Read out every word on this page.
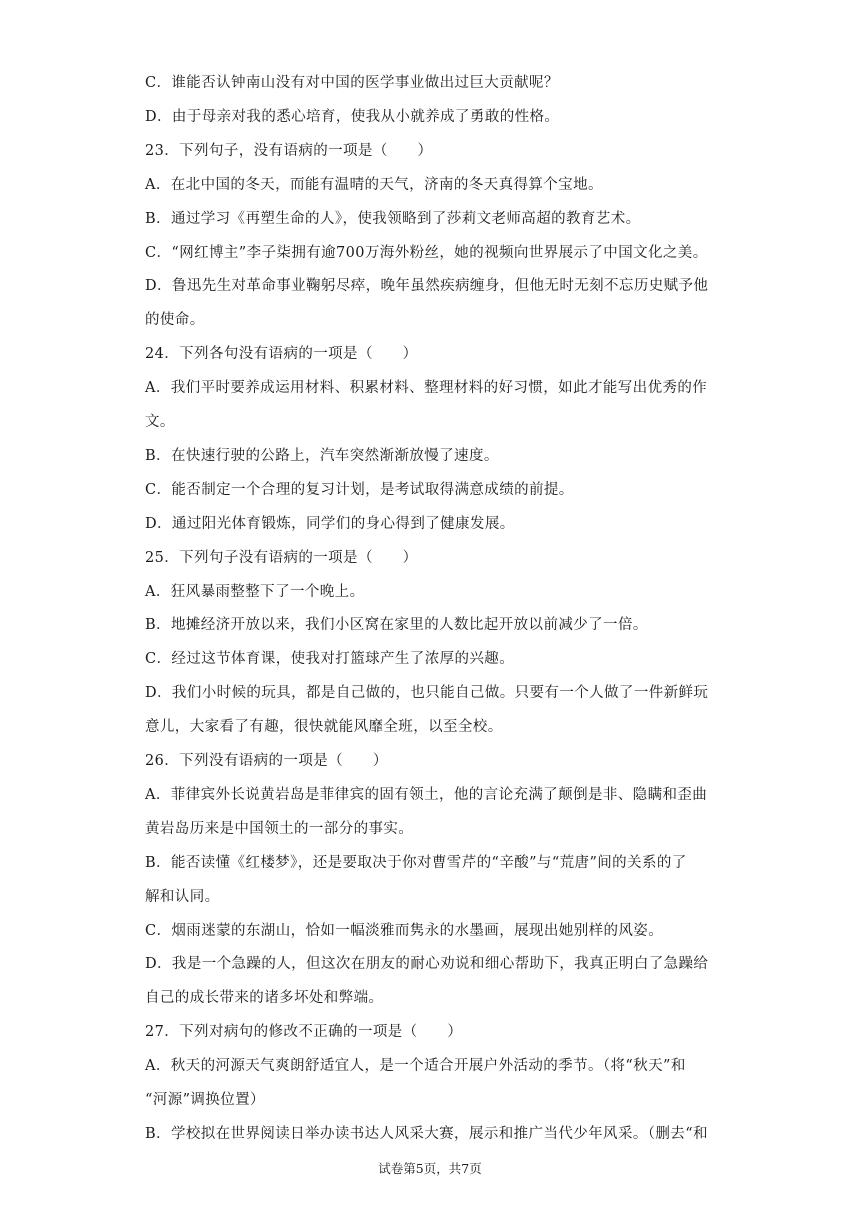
C．谁能否认钟南山没有对中国的医学事业做出过巨大贡献呢？
D．由于母亲对我的悉心培育，使我从小就养成了勇敢的性格。
23．下列句子，没有语病的一项是（　　）
A．在北中国的冬天，而能有温晴的天气，济南的冬天真得算个宝地。
B．通过学习《再塑生命的人》，使我领略到了莎莉文老师高超的教育艺术。
C．“网红博主”李子柒拥有逾700万海外粉丝，她的视频向世界展示了中国文化之美。
D．鲁迅先生对革命事业鞠躬尽瘁，晚年虽然疾病缠身，但他无时无刻不忘历史赋予他
的使命。
24．下列各句没有语病的一项是（　　）
A．我们平时要养成运用材料、积累材料、整理材料的好习惯，如此才能写出优秀的作
文。
B．在快速行驶的公路上，汽车突然渐渐放慢了速度。
C．能否制定一个合理的复习计划，是考试取得满意成绩的前提。
D．通过阳光体育锻炼，同学们的身心得到了健康发展。
25．下列句子没有语病的一项是（　　）
A．狂风暴雨整整下了一个晚上。
B．地摊经济开放以来，我们小区窝在家里的人数比起开放以前减少了一倍。
C．经过这节体育课，使我对打篮球产生了浓厚的兴趣。
D．我们小时候的玩具，都是自己做的，也只能自己做。只要有一个人做了一件新鲜玩
意儿，大家看了有趣，很快就能风靡全班，以至全校。
26．下列没有语病的一项是（　　）
A．菲律宾外长说黄岩岛是菲律宾的固有领土，他的言论充满了颠倒是非、隐瞒和歪曲
黄岩岛历来是中国领土的一部分的事实。
B．能否读懂《红楼梦》，还是要取决于你对曹雪芹的“辛酸”与“荒唐”间的关系的了
解和认同。
C．烟雨迷蒙的东湖山，恰如一幅淡雅而隽永的水墨画，展现出她别样的风姿。
D．我是一个急躁的人，但这次在朋友的耐心劝说和细心帮助下，我真正明白了急躁给
自己的成长带来的诸多坏处和弊端。
27．下列对病句的修改不正确的一项是（　　）
A．秋天的河源天气爽朗舒适宜人，是一个适合开展户外活动的季节。（将“秋天”和
“河源”调换位置）
B．学校拟在世界阅读日举办读书达人风采大赛，展示和推广当代少年风采。（删去“和
试卷第5页，共7页
